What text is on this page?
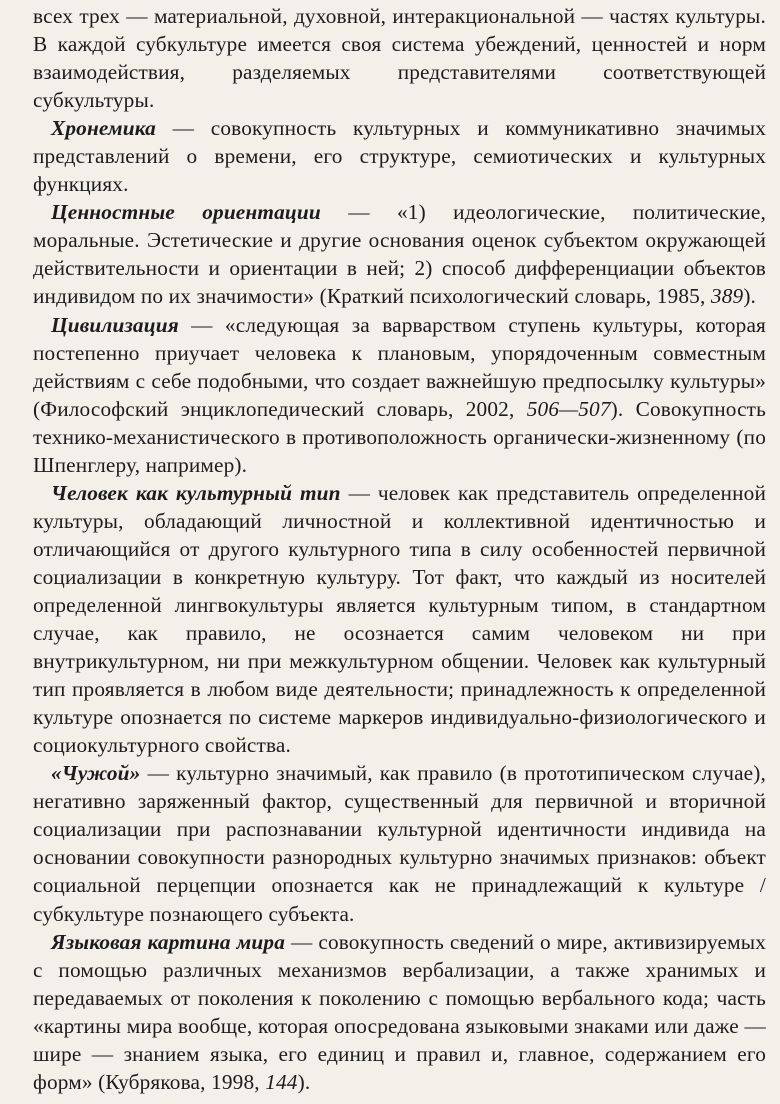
всех трех — материальной, духовной, интеракциональной — частях культуры. В каждой субкультуре имеется своя система убеждений, ценностей и норм взаимодействия, разделяемых представителями соответствующей субкультуры.

Хронемика — совокупность культурных и коммуникативно значимых представлений о времени, его структуре, семиотических и культурных функциях.

Ценностные ориентации — «1) идеологические, политические, моральные. Эстетические и другие основания оценок субъектом окружающей действительности и ориентации в ней; 2) способ дифференциации объектов индивидом по их значимости» (Краткий психологический словарь, 1985, 389).

Цивилизация — «следующая за варварством ступень культуры, которая постепенно приучает человека к плановым, упорядоченным совместным действиям с себе подобными, что создает важнейшую предпосылку культуры» (Философский энциклопедический словарь, 2002, 506—507). Совокупность технико-механистического в противоположность органически-жизненному (по Шпенглеру, например).

Человек как культурный тип — человек как представитель определенной культуры, обладающий личностной и коллективной идентичностью и отличающийся от другого культурного типа в силу особенностей первичной социализации в конкретную культуру. Тот факт, что каждый из носителей определенной лингвокультуры является культурным типом, в стандартном случае, как правило, не осознается самим человеком ни при внутрикультурном, ни при межкультурном общении. Человек как культурный тип проявляется в любом виде деятельности; принадлежность к определенной культуре опознается по системе маркеров индивидуально-физиологического и социокультурного свойства.

«Чужой» — культурно значимый, как правило (в прототипическом случае), негативно заряженный фактор, существенный для первичной и вторичной социализации при распознавании культурной идентичности индивида на основании совокупности разнородных культурно значимых признаков: объект социальной перцепции опознается как не принадлежащий к культуре / субкультуре познающего субъекта.

Языковая картина мира — совокупность сведений о мире, активизируемых с помощью различных механизмов вербализации, а также хранимых и передаваемых от поколения к поколению с помощью вербального кода; часть «картины мира вообще, которая опосредована языковыми знаками или даже — шире — знанием языка, его единиц и правил и, главное, содержанием его форм» (Кубрякова, 1998, 144).
